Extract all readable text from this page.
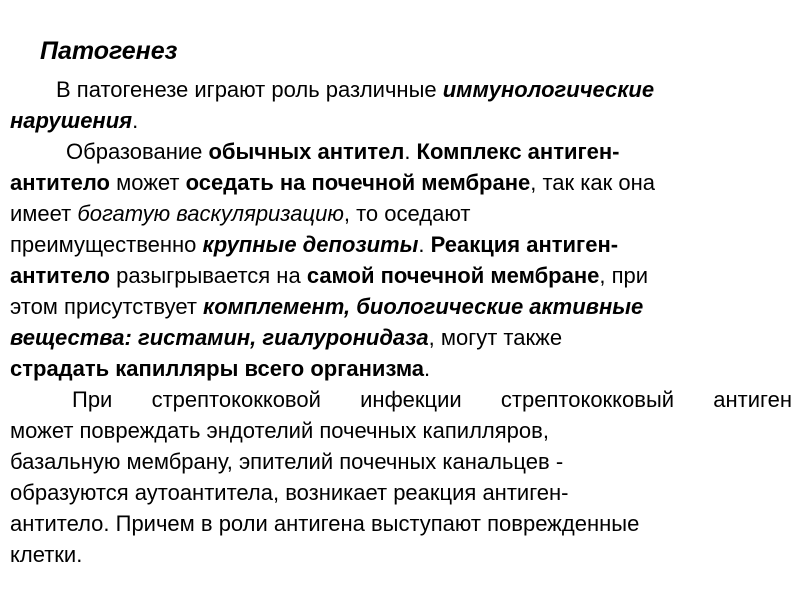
Патогенез
В патогенезе играют роль различные иммунологические
нарушения.
Образование обычных антител. Комплекс антиген-
антитело может оседать на почечной мембране, так как она
имеет богатую васкуляризацию, то оседают
преимущественно крупные депозиты. Реакция антиген-
антитело разыгрывается на самой почечной мембране, при
этом присутствует комплемент, биологические активные
вещества: гистамин, гиалуронидаза, могут также
страдать капилляры всего организма.
При стрептококковой инфекции стрептококковый антиген
может повреждать эндотелий почечных капилляров,
базальную мембрану, эпителий почечных канальцев -
образуются аутоантитела, возникает реакция антиген-
антитело. Причем в роли антигена выступают поврежденные
клетки.
